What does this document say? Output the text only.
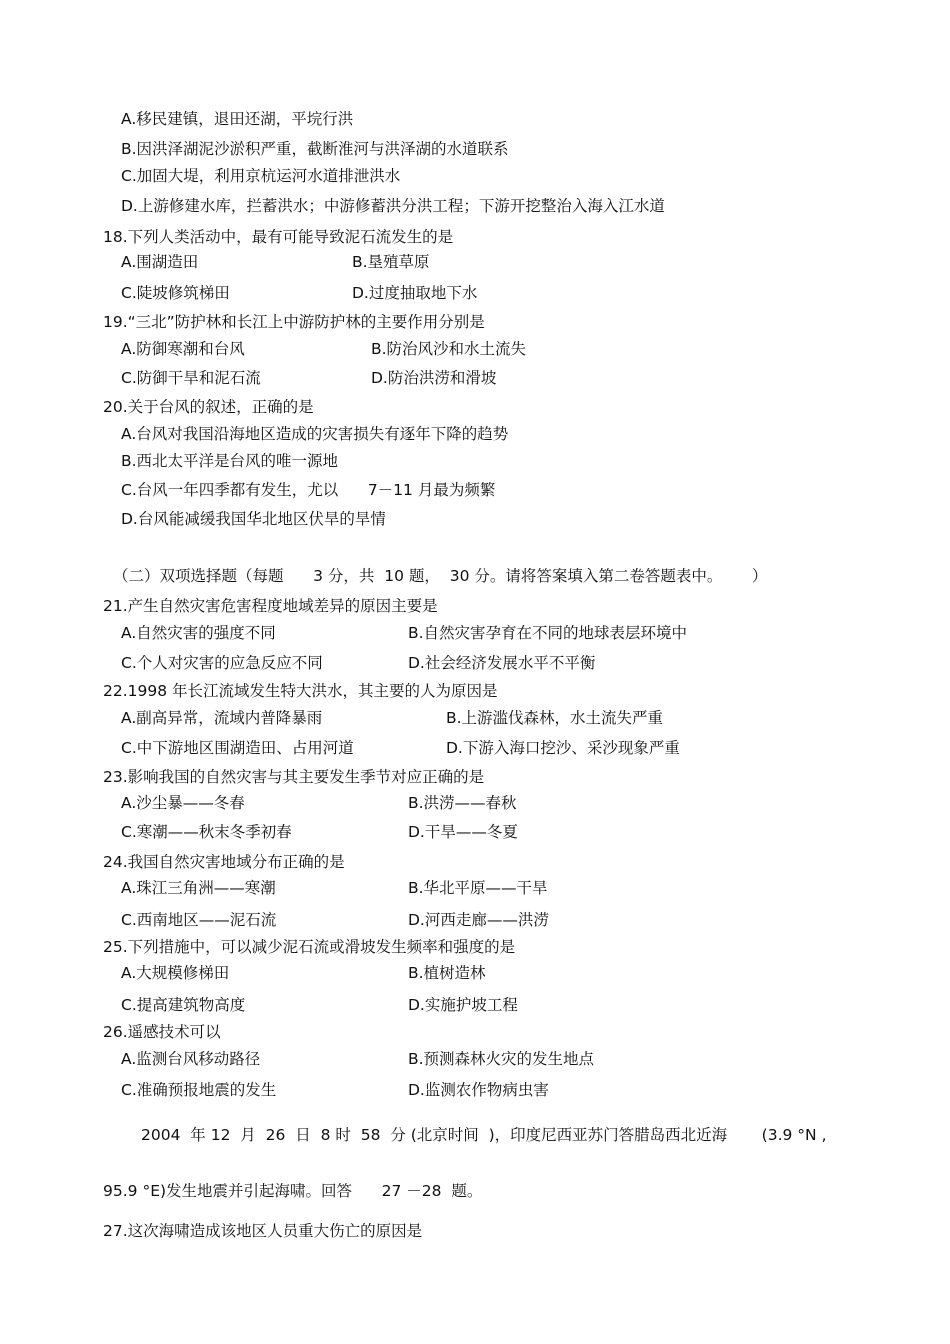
A.移民建镇，退田还湖，平垸行洪
B.因洪泽湖泥沙淤积严重，截断淮河与洪泽湖的水道联系
C.加固大堤，利用京杭运河水道排泄洪水
D.上游修建水库，拦蓄洪水；中游修蓄洪分洪工程；下游开挖整治入海入江水道
18.下列人类活动中，最有可能导致泥石流发生的是
A.围湖造田	B.垦殖草原
C.陡坡修筑梯田	D.过度抽取地下水
19.“三北”防护林和长江上中游防护林的主要作用分别是
A.防御寒潮和台风	B.防治风沙和水土流失
C.防御干旱和泥石流	D.防治洪涝和滑坡
20.关于台风的叙述，正确的是
A.台风对我国沿海地区造成的灾害损失有逐年下降的趋势
B.西北太平洋是台风的唯一源地
C.台风一年四季都有发生，尤以      7－11 月最为频繁
D.台风能减缓我国华北地区伏旱的旱情
（二）双项选择题（每题      3 分，共  10 题，  30 分。请将答案填入第二卷答题表中。      ）
21.产生自然灾害危害程度地域差异的原因主要是
A.自然灾害的强度不同	B.自然灾害孕育在不同的地球表层环境中
C.个人对灾害的应急反应不同	D.社会经济发展水平不平衡
22.1998 年长江流域发生特大洪水，其主要的人为原因是
A.副高异常，流域内普降暴雨	B.上游滥伐森林，水土流失严重
C.中下游地区围湖造田、占用河道	D.下游入海口挖沙、采沙现象严重
23.影响我国的自然灾害与其主要发生季节对应正确的是
A.沙尘暴——冬春	B.洪涝——春秋
C.寒潮——秋末冬季初春	D.干旱——冬夏
24.我国自然灾害地域分布正确的是
A.珠江三角洲——寒潮	B.华北平原——干旱
C.西南地区——泥石流	D.河西走廊——洪涝
25.下列措施中，可以减少泥石流或滑坡发生频率和强度的是
A.大规模修梯田	B.植树造林
C.提高建筑物高度	D.实施护坡工程
26.遥感技术可以
A.监测台风移动路径	B.预测森林火灾的发生地点
C.准确预报地震的发生	D.监测农作物病虫害
2004  年 12  月  26  日  8 时  58  分 (北京时间  )，印度尼西亚苏门答腊岛西北近海       (3.9 °N ,
95.9 °E)发生地震并引起海啸。回答      27 －28  题。
27.这次海啸造成该地区人员重大伤亡的原因是
